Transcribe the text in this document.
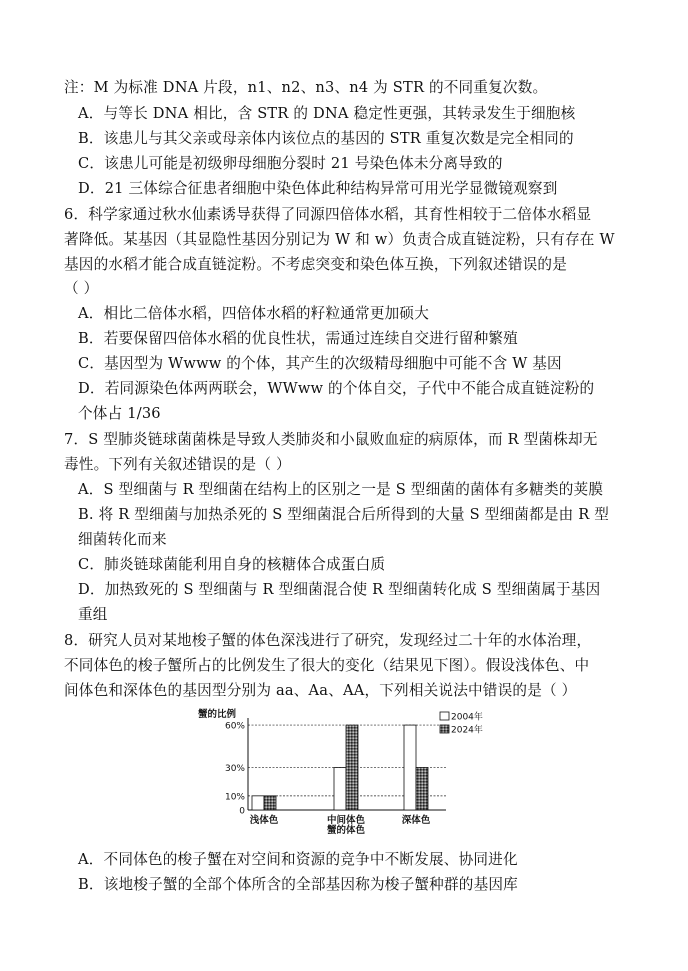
注：M 为标准 DNA 片段，n1、n2、n3、n4 为 STR 的不同重复次数。
A．与等长 DNA 相比，含 STR 的 DNA 稳定性更强，其转录发生于细胞核
B．该患儿与其父亲或母亲体内该位点的基因的 STR 重复次数是完全相同的
C．该患儿可能是初级卵母细胞分裂时 21 号染色体未分离导致的
D．21 三体综合征患者细胞中染色体此种结构异常可用光学显微镜观察到
6．科学家通过秋水仙素诱导获得了同源四倍体水稻，其育性相较于二倍体水稻显
著降低。某基因（其显隐性基因分别记为 W 和 w）负责合成直链淀粉，只有存在 W
基因的水稻才能合成直链淀粉。不考虑突变和染色体互换，下列叙述错误的是
（ ）
A．相比二倍体水稻，四倍体水稻的籽粒通常更加硕大
B．若要保留四倍体水稻的优良性状，需通过连续自交进行留种繁殖
C．基因型为 Wwww 的个体，其产生的次级精母细胞中可能不含 W 基因
D．若同源染色体两两联会，WWww 的个体自交，子代中不能合成直链淀粉的
个体占 1/36
7．S 型肺炎链球菌菌株是导致人类肺炎和小鼠败血症的病原体，而 R 型菌株却无
毒性。下列有关叙述错误的是（ ）
A．S 型细菌与 R 型细菌在结构上的区别之一是 S 型细菌的菌体有多糖类的荚膜
B. 将 R 型细菌与加热杀死的 S 型细菌混合后所得到的大量 S 型细菌都是由 R 型
细菌转化而来
C．肺炎链球菌能利用自身的核糖体合成蛋白质
D．加热致死的 S 型细菌与 R 型细菌混合使 R 型细菌转化成 S 型细菌属于基因
重组
8．研究人员对某地梭子蟹的体色深浅进行了研究，发现经过二十年的水体治理，
不同体色的梭子蟹所占的比例发生了很大的变化（结果见下图）。假设浅体色、中
间体色和深体色的基因型分别为 aa、Aa、AA，下列相关说法中错误的是（ ）
蟹的比例
0
10%
30%
60%
浅体色	中间体色	深体色
蟹的体色
2004年
2024年
A．不同体色的梭子蟹在对空间和资源的竞争中不断发展、协同进化
B．该地梭子蟹的全部个体所含的全部基因称为梭子蟹种群的基因库
